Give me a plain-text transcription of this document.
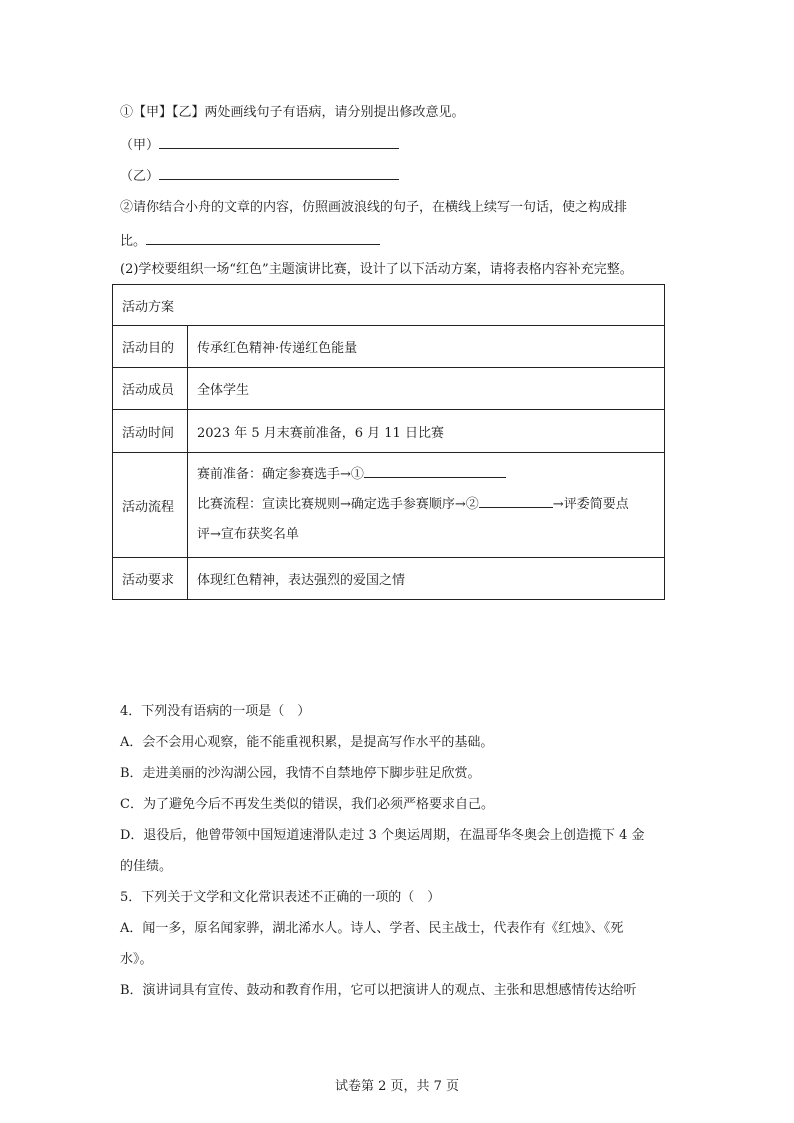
①【甲】【乙】两处画线句子有语病，请分别提出修改意见。
（甲）
（乙）
②请你结合小舟的文章的内容，仿照画波浪线的句子，在横线上续写一句话，使之构成排
比。
(2)学校要组织一场“红色”主题演讲比赛，设计了以下活动方案，请将表格内容补充完整。
活动方案	
活动目的	传承红色精神·传递红色能量
活动成员	全体学生
活动时间	2023 年 5 月末赛前准备，6 月 11 日比赛
活动流程	赛前准备：确定参赛选手→①
比赛流程：宣读比赛规则→确定选手参赛顺序→② →评委简要点
评→宣布获奖名单

活动要求	体现红色精神，表达强烈的爱国之情
4．下列没有语病的一项是（　）
A．会不会用心观察，能不能重视积累，是提高写作水平的基础。
B．走进美丽的沙沟湖公园，我情不自禁地停下脚步驻足欣赏。
C．为了避免今后不再发生类似的错误，我们必须严格要求自己。
D．退役后，他曾带领中国短道速滑队走过 3 个奥运周期，在温哥华冬奥会上创造揽下 4 金
的佳绩。
5．下列关于文学和文化常识表述不正确的一项的（　）
A．闻一多，原名闻家骅，湖北浠水人。诗人、学者、民主战士，代表作有《红烛》、《死
水》。
B．演讲词具有宣传、鼓动和教育作用，它可以把演讲人的观点、主张和思想感情传达给听
试卷第 2 页，共 7 页
